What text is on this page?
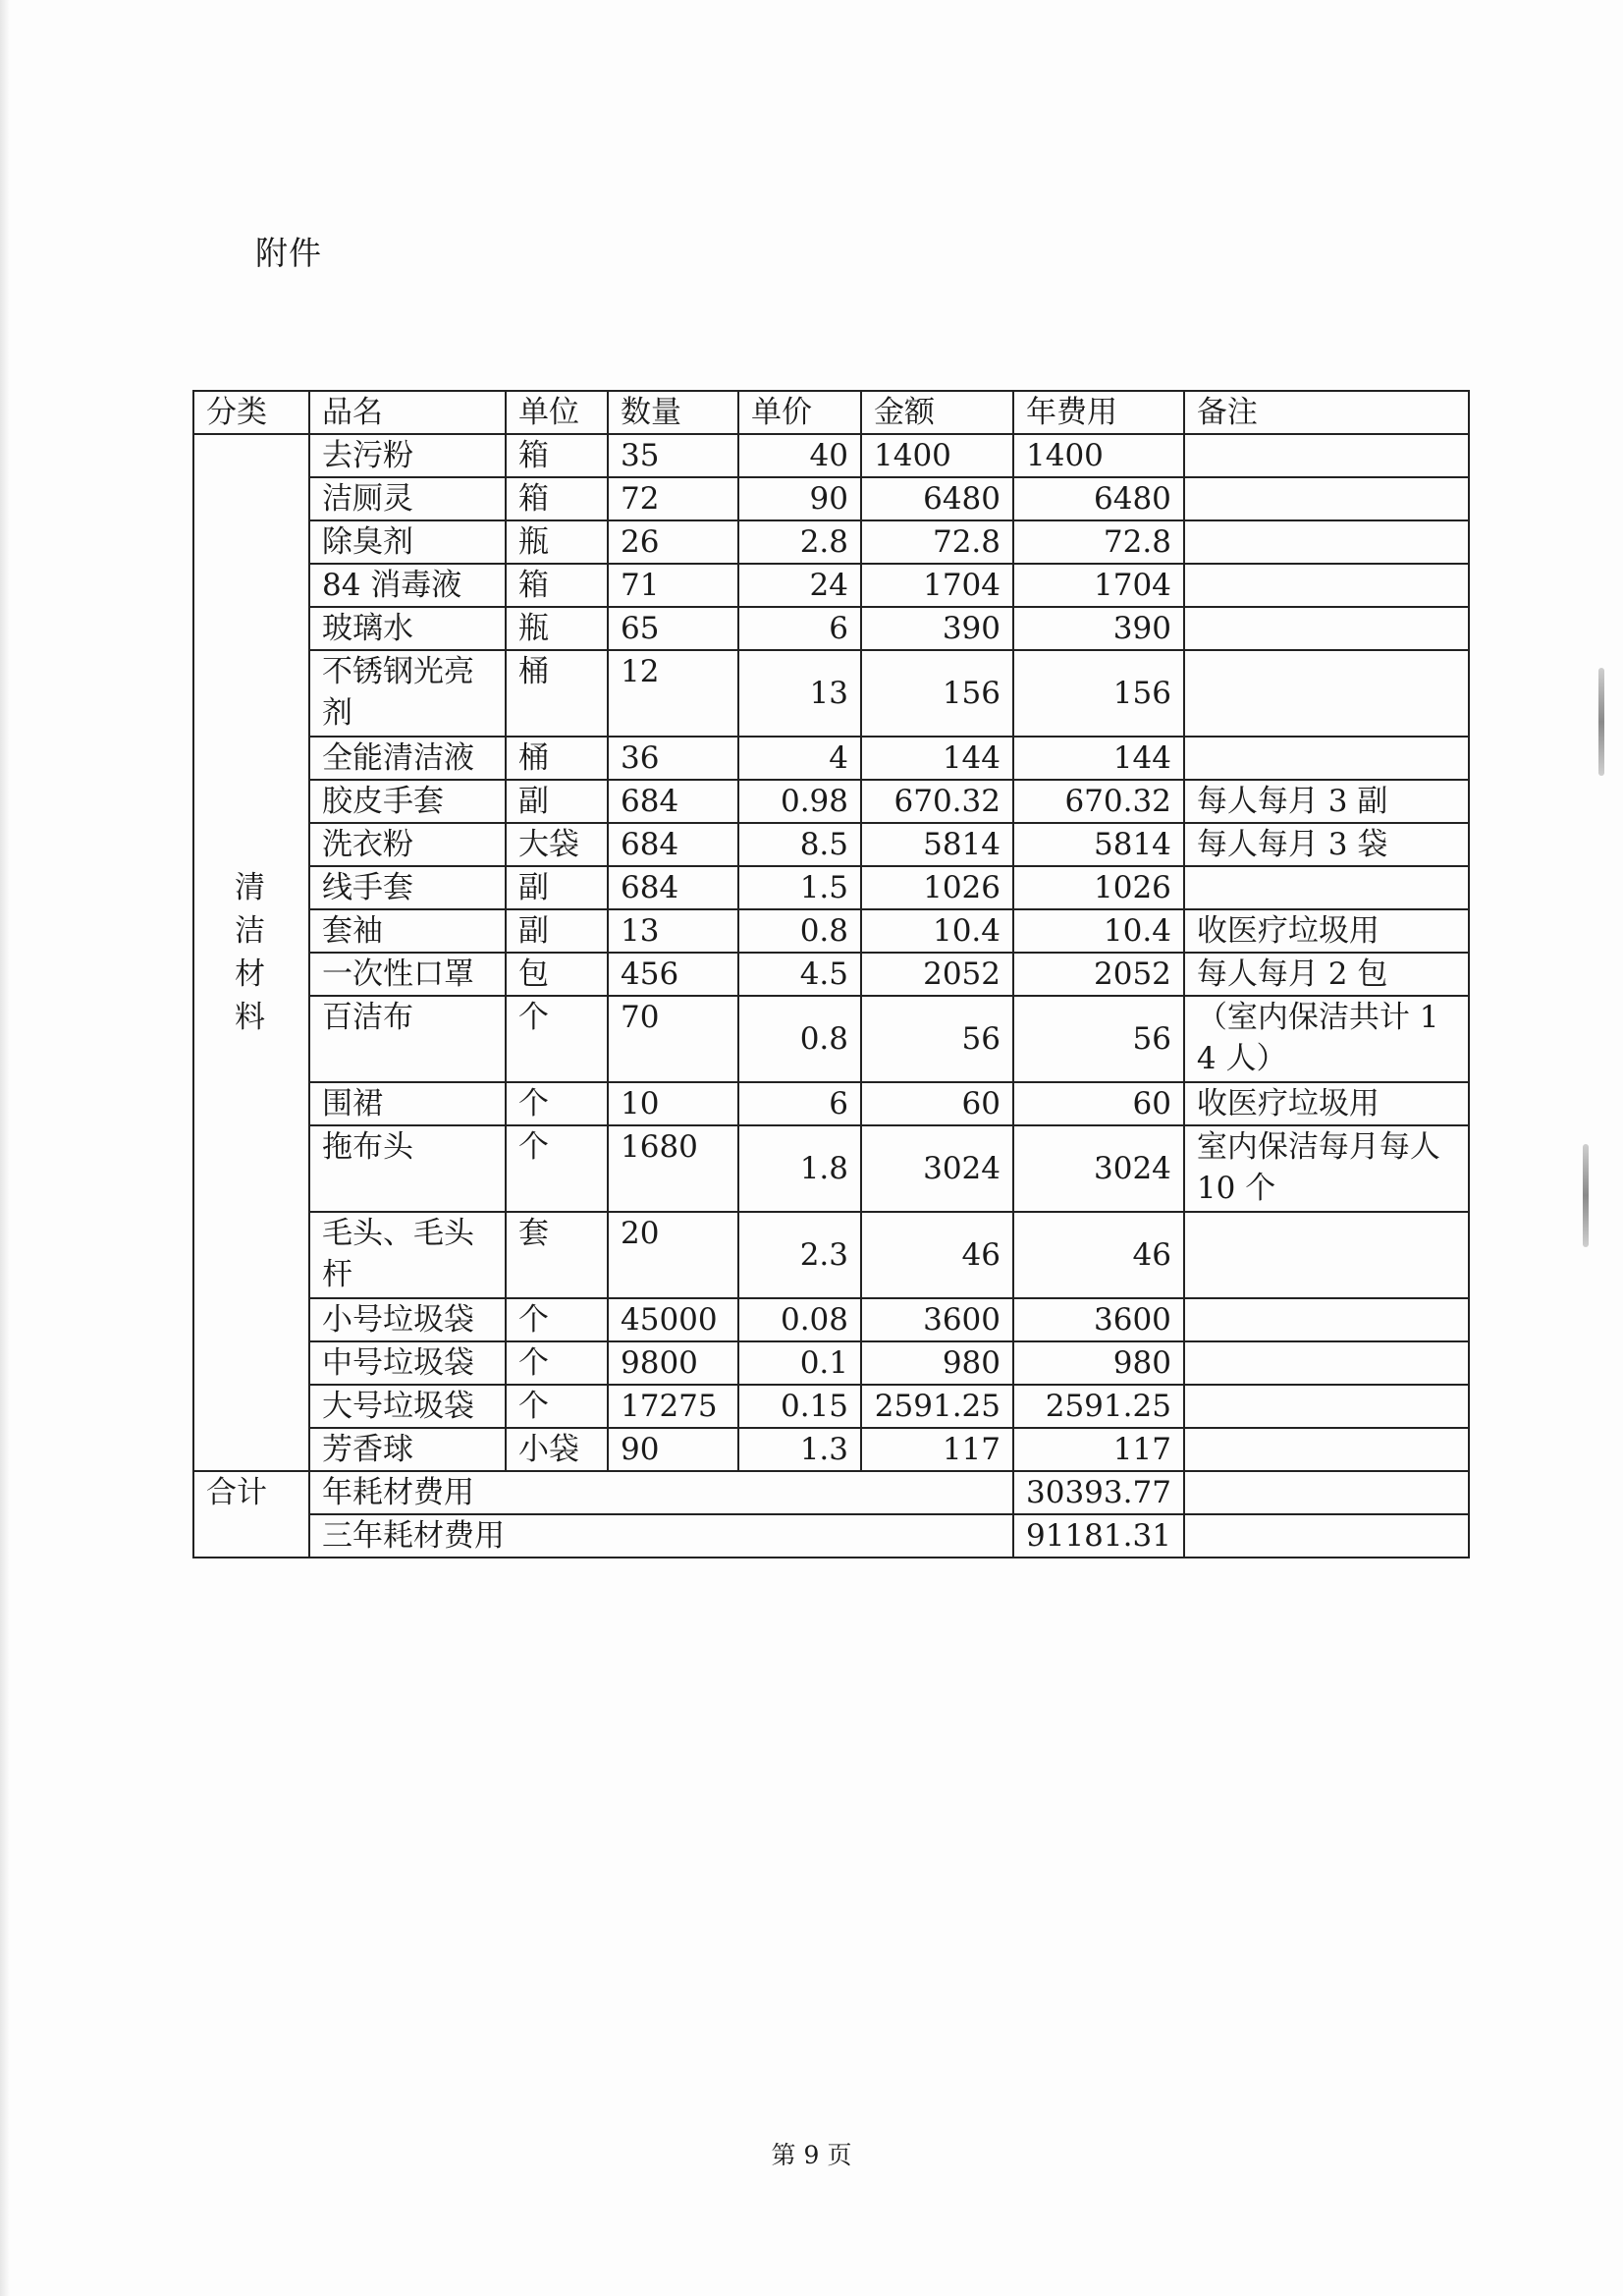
附件
分类	品名	单位	数量	单价	金额	年费用	备注

清洁材料	去污粉	箱	35	40	1400	1400	
	洁厕灵	箱	72	90	6480	6480	
	除臭剂	瓶	26	2.8	72.8	72.8	
	84 消毒液	箱	71	24	1704	1704	
	玻璃水	瓶	65	6	390	390	
	不锈钢光亮剂	桶	12	13	156	156	
	全能清洁液	桶	36	4	144	144	
	胶皮手套	副	684	0.98	670.32	670.32	每人每月 3 副
	洗衣粉	大袋	684	8.5	5814	5814	每人每月 3 袋
	线手套	副	684	1.5	1026	1026	
	套袖	副	13	0.8	10.4	10.4	收医疗垃圾用
	一次性口罩	包	456	4.5	2052	2052	每人每月 2 包
	百洁布	个	70	0.8	56	56	（室内保洁共计 14 人）
	围裙	个	10	6	60	60	收医疗垃圾用
	拖布头	个	1680	1.8	3024	3024	室内保洁每月每人 10 个
	毛头、毛头杆	套	20	2.3	46	46	
	小号垃圾袋	个	45000	0.08	3600	3600	
	中号垃圾袋	个	9800	0.1	980	980	
	大号垃圾袋	个	17275	0.15	2591.25	2591.25	
	芳香球	小袋	90	1.3	117	117	
合计	年耗材费用					30393.77	
	三年耗材费用					91181.31	
第 9 页
